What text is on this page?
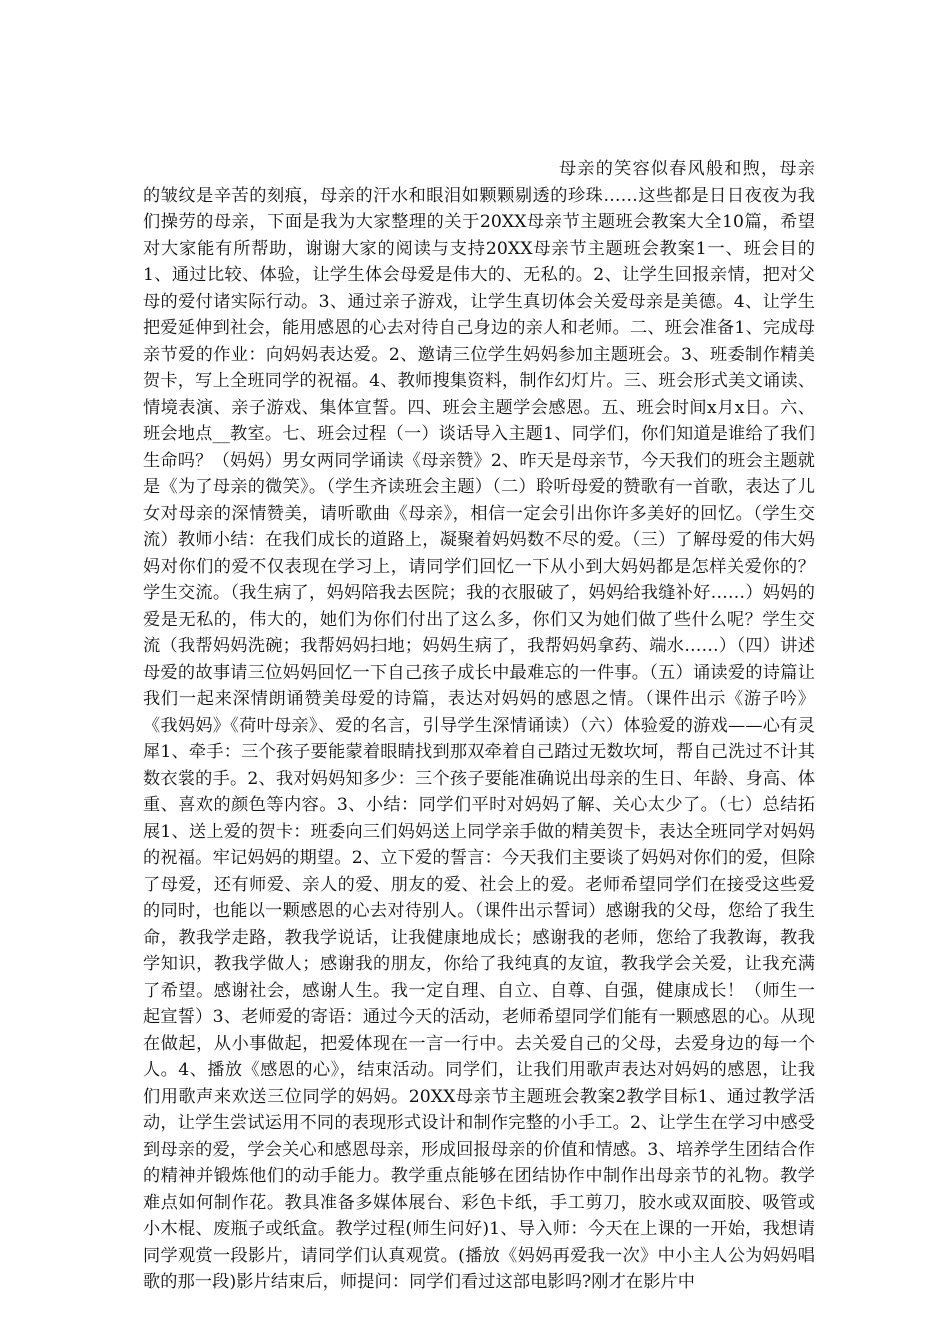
母亲的笑容似春风般和煦，母亲的皱纹是辛苦的刻痕，母亲的汗水和眼泪如颗颗剔透的珍珠……这些都是日日夜夜为我们操劳的母亲，下面是我为大家整理的关于20XX母亲节主题班会教案大全10篇，希望对大家能有所帮助，谢谢大家的阅读与支持20XX母亲节主题班会教案1一、班会目的1、通过比较、体验，让学生体会母爱是伟大的、无私的。2、让学生回报亲情，把对父母的爱付诸实际行动。3、通过亲子游戏，让学生真切体会关爱母亲是美德。4、让学生把爱延伸到社会，能用感恩的心去对待自己身边的亲人和老师。二、班会准备1、完成母亲节爱的作业：向妈妈表达爱。2、邀请三位学生妈妈参加主题班会。3、班委制作精美贺卡，写上全班同学的祝福。4、教师搜集资料，制作幻灯片。三、班会形式美文诵读、情境表演、亲子游戏、集体宣誓。四、班会主题学会感恩。五、班会时间x月x日。六、班会地点__教室。七、班会过程（一）谈话导入主题1、同学们，你们知道是谁给了我们生命吗？（妈妈）男女两同学诵读《母亲赞》2、昨天是母亲节，今天我们的班会主题就是《为了母亲的微笑》。（学生齐读班会主题）（二）聆听母爱的赞歌有一首歌，表达了儿女对母亲的深情赞美，请听歌曲《母亲》，相信一定会引出你许多美好的回忆。（学生交流）教师小结：在我们成长的道路上，凝聚着妈妈数不尽的爱。（三）了解母爱的伟大妈妈对你们的爱不仅表现在学习上，请同学们回忆一下从小到大妈妈都是怎样关爱你的？学生交流。（我生病了，妈妈陪我去医院；我的衣服破了，妈妈给我缝补好……）妈妈的爱是无私的，伟大的，她们为你们付出了这么多，你们又为她们做了些什么呢？学生交流（我帮妈妈洗碗；我帮妈妈扫地；妈妈生病了，我帮妈妈拿药、端水……）（四）讲述母爱的故事请三位妈妈回忆一下自己孩子成长中最难忘的一件事。（五）诵读爱的诗篇让我们一起来深情朗诵赞美母爱的诗篇，表达对妈妈的感恩之情。（课件出示《游子吟》《我妈妈》《荷叶母亲》、爱的名言，引导学生深情诵读）（六）体验爱的游戏——心有灵犀1、牵手：三个孩子要能蒙着眼睛找到那双牵着自己踏过无数坎坷，帮自己洗过不计其数衣裳的手。2、我对妈妈知多少：三个孩子要能准确说出母亲的生日、年龄、身高、体重、喜欢的颜色等内容。3、小结：同学们平时对妈妈了解、关心太少了。（七）总结拓展1、送上爱的贺卡：班委向三们妈妈送上同学亲手做的精美贺卡，表达全班同学对妈妈的祝福。牢记妈妈的期望。2、立下爱的誓言：今天我们主要谈了妈妈对你们的爱，但除了母爱，还有师爱、亲人的爱、朋友的爱、社会上的爱。老师希望同学们在接受这些爱的同时，也能以一颗感恩的心去对待别人。（课件出示誓词）感谢我的父母，您给了我生命，教我学走路，教我学说话，让我健康地成长；感谢我的老师，您给了我教诲，教我学知识，教我学做人；感谢我的朋友，你给了我纯真的友谊，教我学会关爱，让我充满了希望。感谢社会，感谢人生。我一定自理、自立、自尊、自强，健康成长！（师生一起宣誓）3、老师爱的寄语：通过今天的活动，老师希望同学们能有一颗感恩的心。从现在做起，从小事做起，把爱体现在一言一行中。去关爱自己的父母，去爱身边的每一个人。4、播放《感恩的心》，结束活动。同学们，让我们用歌声表达对妈妈的感恩，让我们用歌声来欢送三位同学的妈妈。20XX母亲节主题班会教案2教学目标1、通过教学活动，让学生尝试运用不同的表现形式设计和制作完整的小手工。2、让学生在学习中感受到母亲的爱，学会关心和感恩母亲，形成回报母亲的价值和情感。3、培养学生团结合作的精神并锻炼他们的动手能力。教学重点能够在团结协作中制作出母亲节的礼物。教学难点如何制作花。教具准备多媒体展台、彩色卡纸，手工剪刀，胶水或双面胶、吸管或小木棍、废瓶子或纸盒。教学过程(师生问好)1、导入师：今天在上课的一开始，我想请同学观赏一段影片，请同学们认真观赏。(播放《妈妈再爱我一次》中小主人公为妈妈唱歌的那一段)影片结束后，师提问：同学们看过这部电影吗?刚才在影片中
